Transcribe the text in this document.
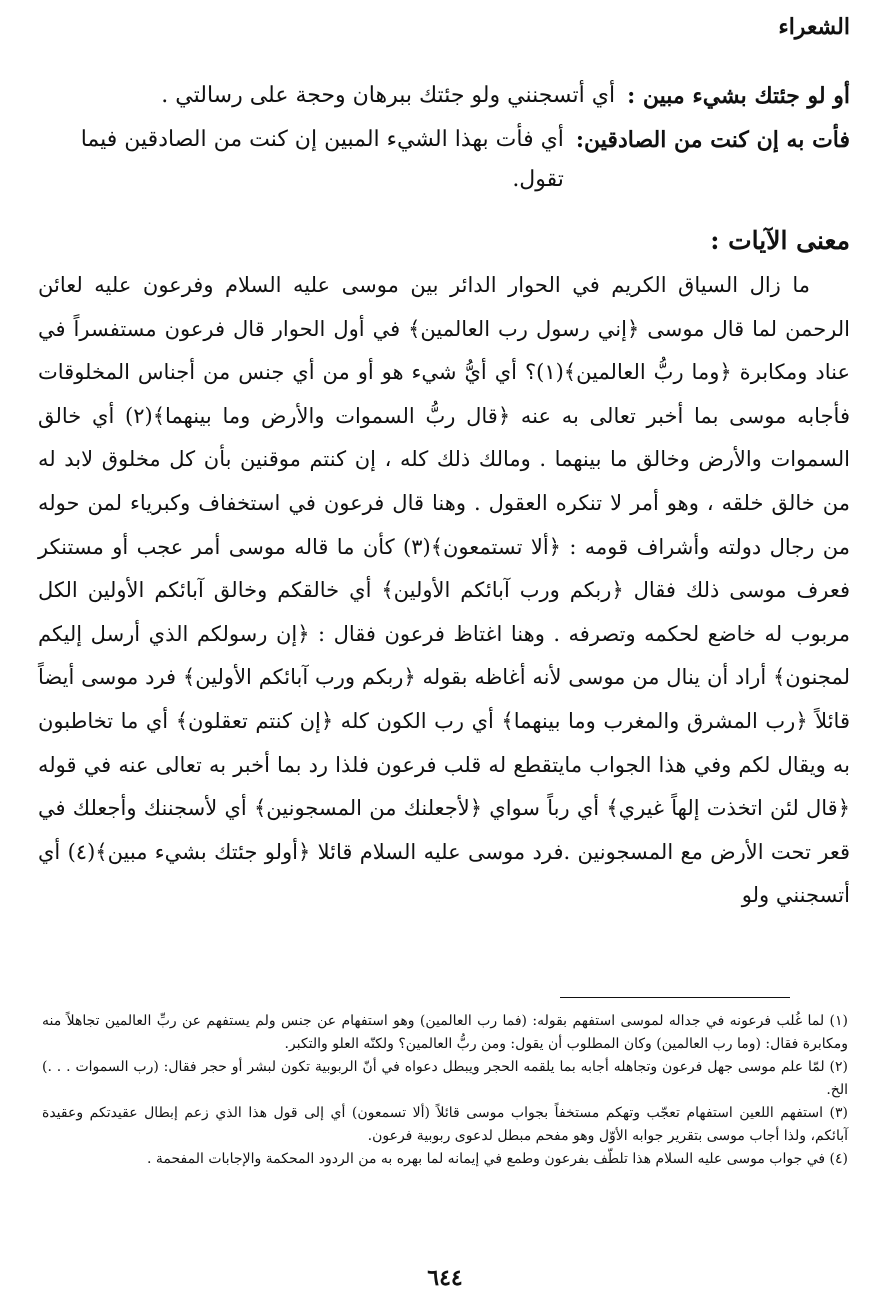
الشعراء
أو لو جئتك بشيء مبين :
أي أتسجنني ولو جئتك ببرهان وحجة على رسالتي .
فأت به إن كنت من الصادقين:
أي فأت بهذا الشيء المبين إن كنت من الصادقين فيما تقول.
معنى الآيات :

ما زال السياق الكريم في الحوار الدائر بين موسى عليه السلام وفرعون عليه لعائن الرحمن لما قال موسى ﴿إني رسول رب العالمين﴾ في أول الحوار قال فرعون مستفسراً في عناد ومكابرة ﴿وما ربُّ العالمين﴾(١)؟ أي أيُّ شيء هو أو من أي جنس من أجناس المخلوقات فأجابه موسى بما أخبر تعالى به عنه ﴿قال ربُّ السموات والأرض وما بينهما﴾(٢) أي خالق السموات والأرض وخالق ما بينهما . ومالك ذلك كله ، إن كنتم موقنين بأن كل مخلوق لابد له من خالق خلقه ، وهو أمر لا تنكره العقول . وهنا قال فرعون في استخفاف وكبرياء لمن حوله من رجال دولته وأشراف قومه : ﴿ألا تستمعون﴾(٣) كأن ما قاله موسى أمر عجب أو مستنكر فعرف موسى ذلك فقال ﴿ربكم ورب آبائكم الأولين﴾ أي خالقكم وخالق آبائكم الأولين الكل مربوب له خاضع لحكمه وتصرفه . وهنا اغتاظ فرعون فقال : ﴿إن رسولكم الذي أرسل إليكم لمجنون﴾ أراد أن ينال من موسى لأنه أغاظه بقوله ﴿ربكم ورب آبائكم الأولين﴾ فرد موسى أيضاً قائلاً ﴿رب المشرق والمغرب وما بينهما﴾ أي رب الكون كله ﴿إن كنتم تعقلون﴾ أي ما تخاطبون به ويقال لكم وفي هذا الجواب مايتقطع له قلب فرعون فلذا رد بما أخبر به تعالى عنه في قوله ﴿قال لئن اتخذت إلهاً غيري﴾ أي رباً سواي ﴿لأجعلنك من المسجونين﴾ أي لأسجننك وأجعلك في قعر تحت الأرض مع المسجونين .فرد موسى عليه السلام قائلا ﴿أولو جئتك بشيء مبين﴾(٤) أي أتسجنني ولو

(١) لما غُلب فرعونه في جداله لموسى استفهم بقوله: (فما رب العالمين) وهو استفهام عن جنس ولم يستفهم عن ربِّ العالمين تجاهلاً منه ومكابرة فقال: (وما رب العالمين) وكان المطلوب أن يقول: ومن ربُّ العالمين؟ ولكنّه العلو والتكبر.

(٢) لمّا علم موسى جهل فرعون وتجاهله أجابه بما يلقمه الحجر ويبطل دعواه في أنّ الربوبية تكون لبشر أو حجر فقال: (رب السموات . . .) الخ.

(٣) استفهم اللعين استفهام تعجّب وتهكم مستخفاً بجواب موسى قائلاً (ألا تسمعون) أي إلى قول هذا الذي زعم إبطال عقيدتكم وعقيدة آبائكم، ولذا أجاب موسى بتقرير جوابه الأوّل وهو مفحم مبطل لدعوى ربوبية فرعون.

(٤) في جواب موسى عليه السلام هذا تلطّف بفرعون وطمع في إيمانه لما بهره به من الردود المحكمة والإجابات المفحمة .

٦٤٤
